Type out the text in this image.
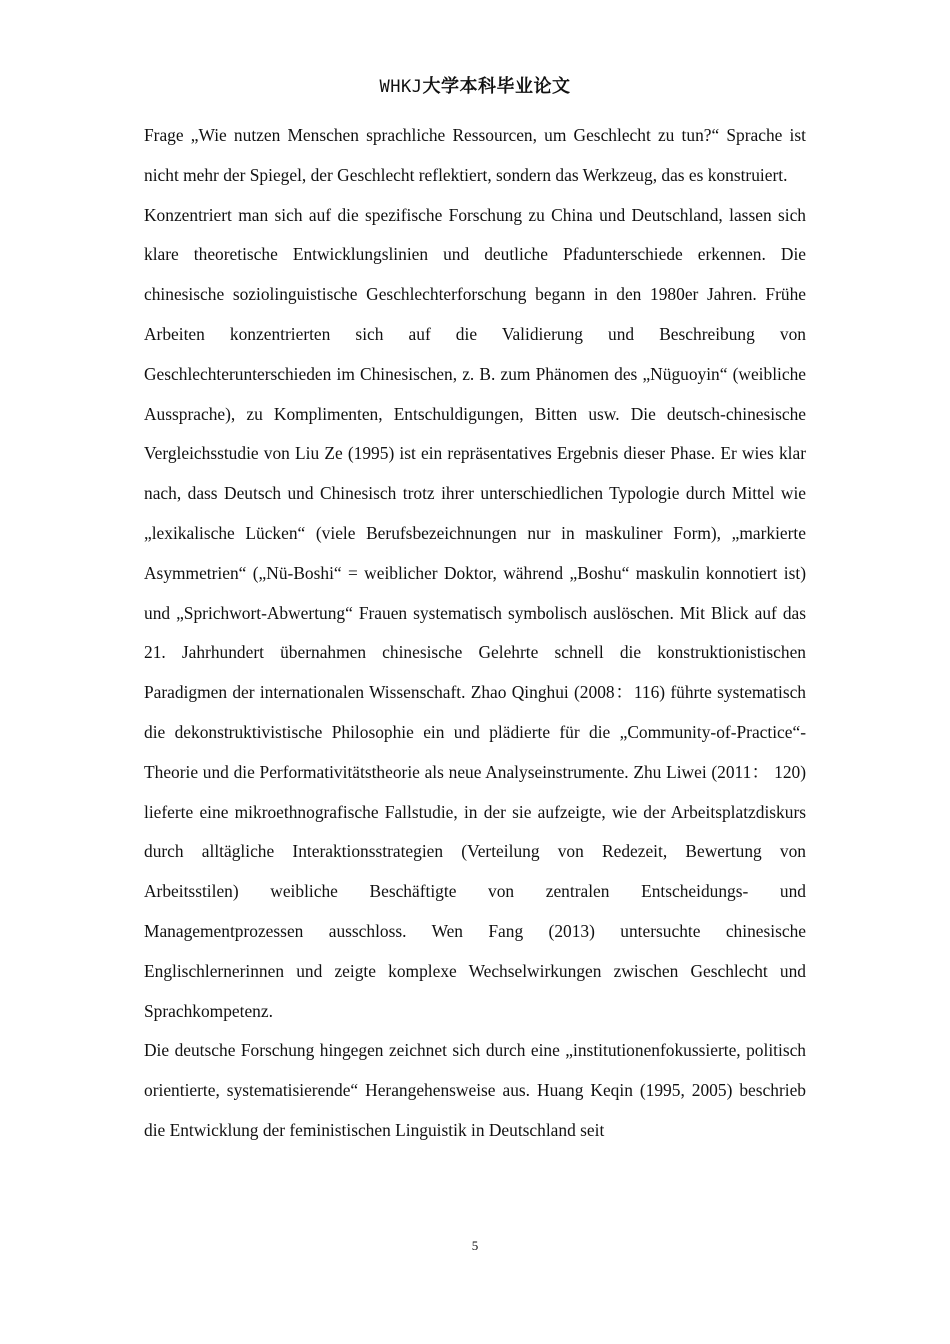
WHKJ大学本科毕业论文

Frage „Wie nutzen Menschen sprachliche Ressourcen, um Geschlecht zu tun?“ Sprache ist nicht mehr der Spiegel, der Geschlecht reflektiert, sondern das Werkzeug, das es konstruiert.

Konzentriert man sich auf die spezifische Forschung zu China und Deutschland, lassen sich klare theoretische Entwicklungslinien und deutliche Pfadunterschiede erkennen. Die chinesische soziolinguistische Geschlechterforschung begann in den 1980er Jahren. Frühe Arbeiten konzentrierten sich auf die Validierung und Beschreibung von Geschlechterunterschieden im Chinesischen, z. B. zum Phänomen des „Nüguoyin“ (weibliche Aussprache), zu Komplimenten, Entschuldigungen, Bitten usw. Die deutsch-chinesische Vergleichsstudie von Liu Ze (1995) ist ein repräsentatives Ergebnis dieser Phase. Er wies klar nach, dass Deutsch und Chinesisch trotz ihrer unterschiedlichen Typologie durch Mittel wie „lexikalische Lücken“ (viele Berufsbezeichnungen nur in maskuliner Form), „markierte Asymmetrien“ („Nü-Boshi“ = weiblicher Doktor, während „Boshu“ maskulin konnotiert ist) und „Sprichwort-Abwertung“ Frauen systematisch symbolisch auslöschen. Mit Blick auf das 21. Jahrhundert übernahmen chinesische Gelehrte schnell die konstruktionistischen Paradigmen der internationalen Wissenschaft. Zhao Qinghui (2008：116) führte systematisch die dekonstruktivistische Philosophie ein und plädierte für die „Community-of-Practice“-Theorie und die Performativitätstheorie als neue Analyseinstrumente. Zhu Liwei (2011： 120) lieferte eine mikroethnografische Fallstudie, in der sie aufzeigte, wie der Arbeitsplatzdiskurs durch alltägliche Interaktionsstrategien (Verteilung von Redezeit, Bewertung von Arbeitsstilen) weibliche Beschäftigte von zentralen Entscheidungs- und Managementprozessen ausschloss. Wen Fang (2013) untersuchte chinesische Englischlernerinnen und zeigte komplexe Wechselwirkungen zwischen Geschlecht und Sprachkompetenz.

Die deutsche Forschung hingegen zeichnet sich durch eine „institutionenfokussierte, politisch orientierte, systematisierende“ Herangehensweise aus. Huang Keqin (1995, 2005) beschrieb die Entwicklung der feministischen Linguistik in Deutschland seit

5
